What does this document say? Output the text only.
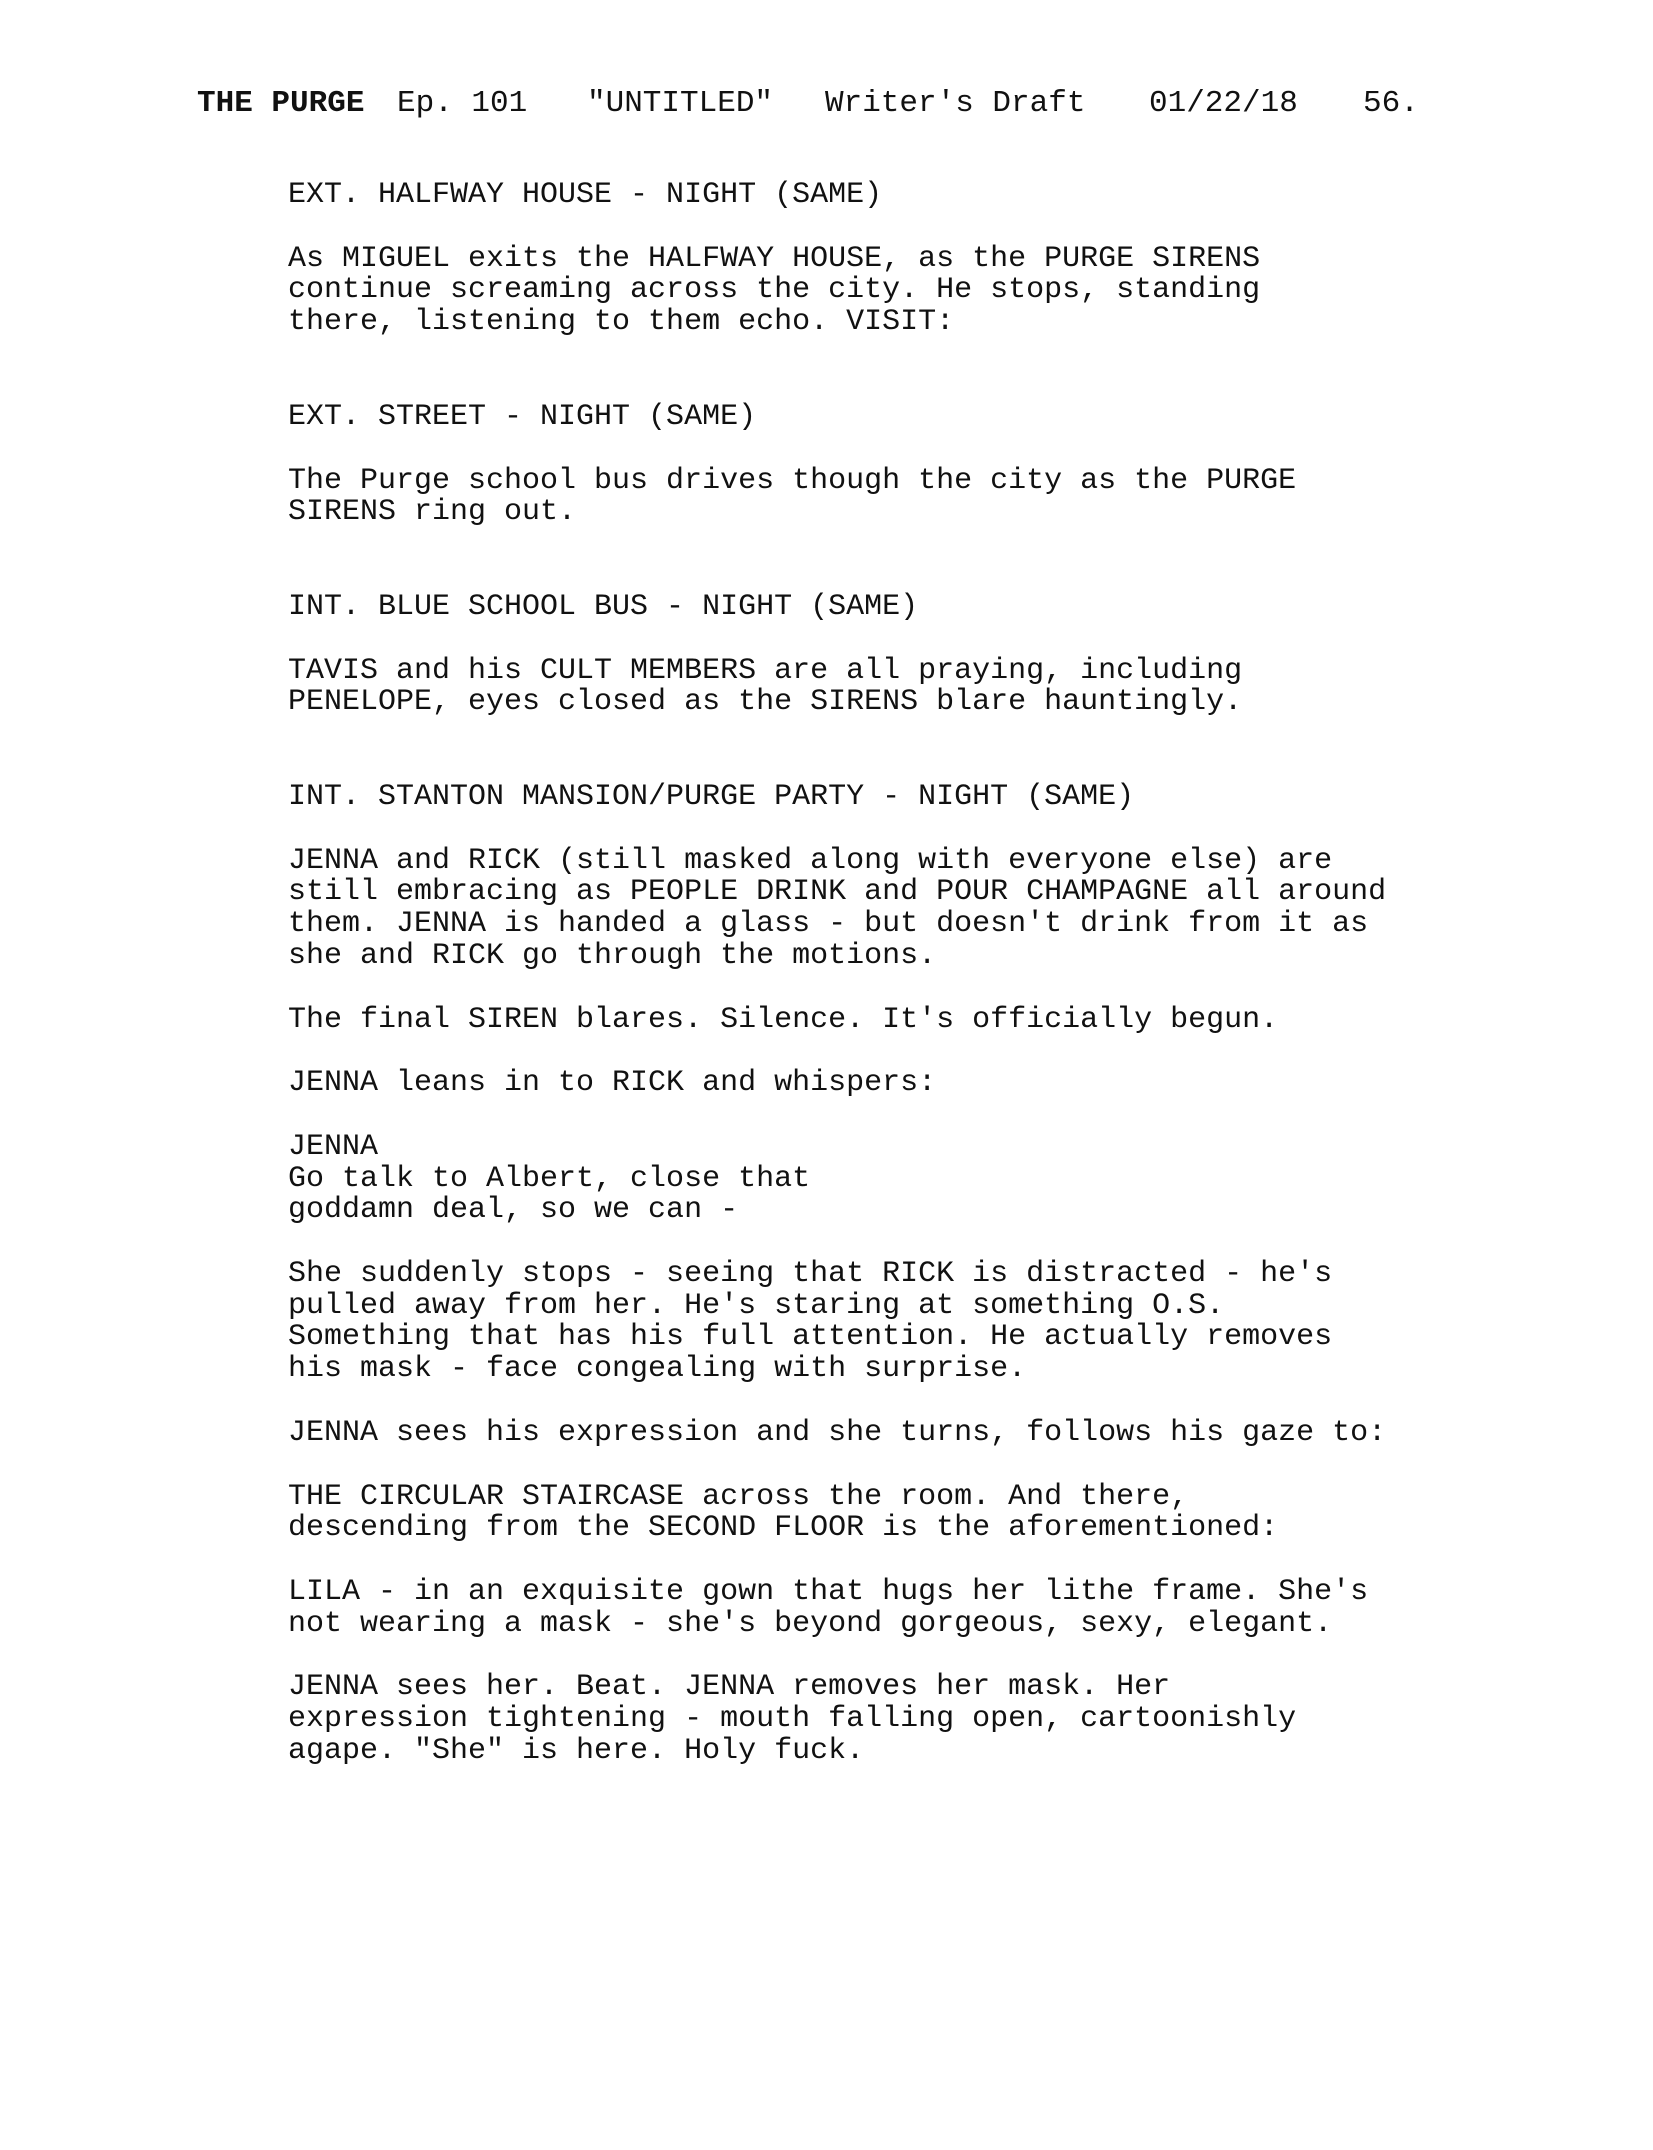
THE PURGE

Ep. 101

"UNTITLED"

Writer's Draft

01/22/18

56.

EXT. HALFWAY HOUSE - NIGHT (SAME)

As MIGUEL exits the HALFWAY HOUSE, as the PURGE SIRENS
continue screaming across the city. He stops, standing
there, listening to them echo. VISIT:

EXT. STREET - NIGHT (SAME)

The Purge school bus drives though the city as the PURGE
SIRENS ring out.

INT. BLUE SCHOOL BUS - NIGHT (SAME)

TAVIS and his CULT MEMBERS are all praying, including
PENELOPE, eyes closed as the SIRENS blare hauntingly.

INT. STANTON MANSION/PURGE PARTY - NIGHT (SAME)

JENNA and RICK (still masked along with everyone else) are
still embracing as PEOPLE DRINK and POUR CHAMPAGNE all around
them. JENNA is handed a glass - but doesn't drink from it as
she and RICK go through the motions.

The final SIREN blares. Silence. It's officially begun.

JENNA leans in to RICK and whispers:

JENNA

Go talk to Albert, close that
goddamn deal, so we can -

She suddenly stops - seeing that RICK is distracted - he's
pulled away from her. He's staring at something O.S.
Something that has his full attention. He actually removes
his mask - face congealing with surprise.

JENNA sees his expression and she turns, follows his gaze to:

THE CIRCULAR STAIRCASE across the room. And there,
descending from the SECOND FLOOR is the aforementioned:

LILA - in an exquisite gown that hugs her lithe frame. She's
not wearing a mask - she's beyond gorgeous, sexy, elegant.

JENNA sees her. Beat. JENNA removes her mask. Her
expression tightening - mouth falling open, cartoonishly
agape. "She" is here. Holy fuck.
